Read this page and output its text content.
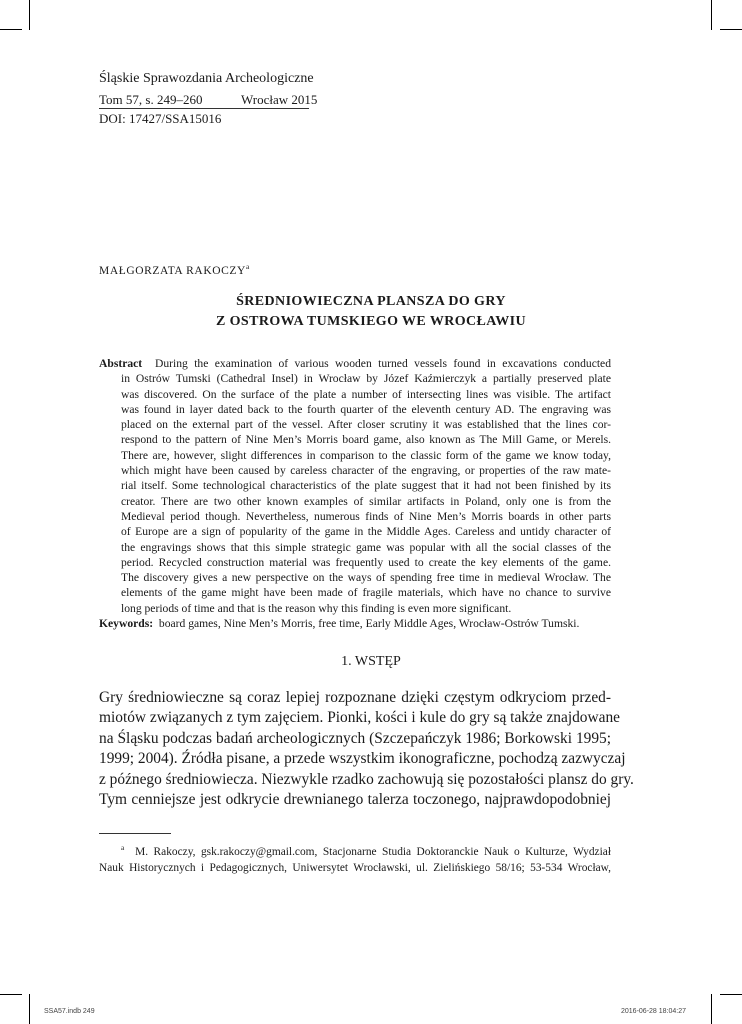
Śląskie Sprawozdania Archeologiczne
Tom 57, s. 249–260	Wrocław 2015
DOI: 17427/SSA15016
MAŁGORZATA RAKOCZY$^a$
ŚREDNIOWIECZNA PLANSZA DO GRY
Z OSTROWA TUMSKIEGO WE WROCŁAWIU
Abstract During the examination of various wooden turned vessels found in excavations conducted
in Ostrów Tumski (Cathedral Insel) in Wrocław by Józef Kaźmierczyk a partially preserved plate
was discovered. On the surface of the plate a number of intersecting lines was visible. The artifact
was found in layer dated back to the fourth quarter of the eleventh century AD. The engraving was
placed on the external part of the vessel. After closer scrutiny it was established that the lines cor-
respond to the pattern of Nine Men’s Morris board game, also known as The Mill Game, or Merels.
There are, however, slight differences in comparison to the classic form of the game we know today,
which might have been caused by careless character of the engraving, or properties of the raw mate-
rial itself. Some technological characteristics of the plate suggest that it had not been finished by its
creator. There are two other known examples of similar artifacts in Poland, only one is from the
Medieval period though. Nevertheless, numerous finds of Nine Men’s Morris boards in other parts
of Europe are a sign of popularity of the game in the Middle Ages. Careless and untidy character of
the engravings shows that this simple strategic game was popular with all the social classes of the
period. Recycled construction material was frequently used to create the key elements of the game.
The discovery gives a new perspective on the ways of spending free time in medieval Wrocław. The
elements of the game might have been made of fragile materials, which have no chance to survive
long periods of time and that is the reason why this finding is even more significant.
Keywords: board games, Nine Men’s Morris, free time, Early Middle Ages, Wrocław-Ostrów Tumski.
1. WSTĘP
Gry średniowieczne są coraz lepiej rozpoznane dzięki częstym odkryciom przed-
miotów związanych z tym zajęciem. Pionki, kości i kule do gry są także znajdowane
na Śląsku podczas badań archeologicznych (Szczepańczyk 1986; Borkowski 1995;
1999; 2004). Źródła pisane, a przede wszystkim ikonograficzne, pochodzą zazwyczaj
z późnego średniowiecza. Niezwykle rzadko zachowują się pozostałości plansz do gry.
Tym cenniejsze jest odkrycie drewnianego talerza toczonego, najprawdopodobniej
$^a$ M. Rakoczy, gsk.rakoczy@gmail.com, Stacjonarne Studia Doktoranckie Nauk o Kulturze, Wydział
Nauk Historycznych i Pedagogicznych, Uniwersytet Wrocławski, ul. Zielińskiego 58/16; 53-534 Wrocław,
SSA57.indb 249	2016-06-28 18:04:27
